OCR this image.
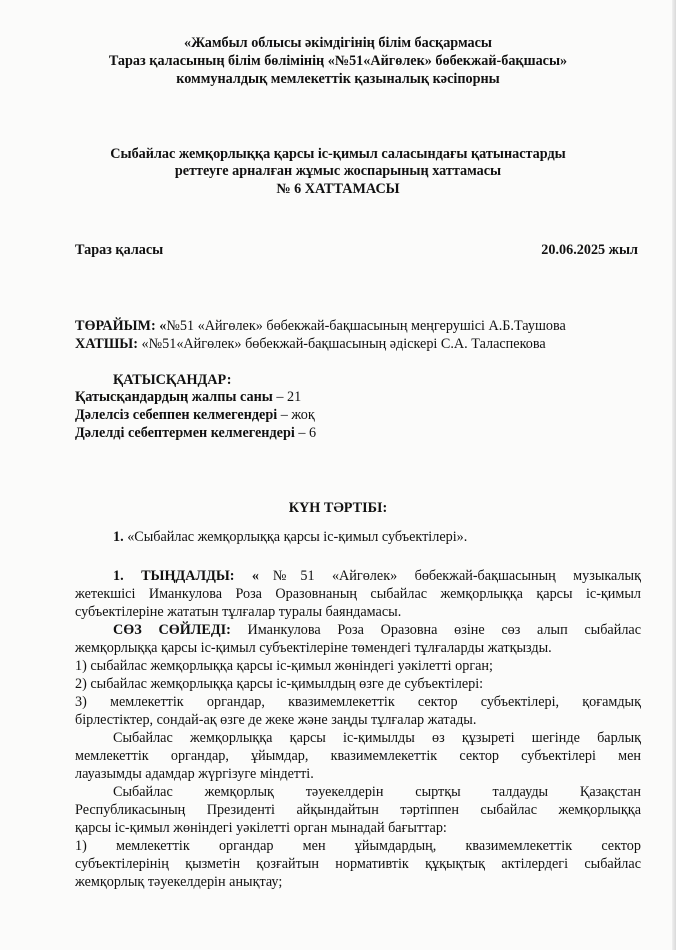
«Жамбыл облысы әкімдігінің білім басқармасы

Тараз қаласының білім бөлімінің «№51«Айгөлек» бөбекжай-бақшасы»

коммуналдық мемлекеттік қазыналық кәсіпорны

Сыбайлас жемқорлыққа қарсы іс-қимыл саласындағы қатынастарды

реттеуге арналған жұмыс жоспарының хаттамасы

№ 6 ХАТТАМАСЫ

Тараз қаласы	20.06.2025 жыл

ТӨРАЙЫМ: «№51 «Айгөлек» бөбекжай-бақшасының меңгерушісі А.Б.Таушова

ХАТШЫ: «№51«Айгөлек» бөбекжай-бақшасының әдіскері С.А. Таласпекова

ҚАТЫСҚАНДАР:

Қатысқандардың жалпы саны – 21

Дәлелсіз себеппен келмегендері – жоқ

Дәлелді себептермен келмегендері – 6

КҮН ТӘРТІБІ:

1. «Сыбайлас жемқорлыққа қарсы іс-қимыл субъектілері».

1. ТЫҢДАЛДЫ: «№51 «Айгөлек» бөбекжай-бақшасының музыкалық

жетекшісі Иманкулова Роза Оразовнаның сыбайлас жемқорлыққа қарсы іс-қимыл

субъектілеріне жататын тұлғалар туралы баяндамасы.

СӨЗ СӨЙЛЕДІ: Иманкулова Роза Оразовна өзіне сөз алып сыбайлас

жемқорлыққа қарсы іс-қимыл субъектілеріне төмендегі тұлғаларды жатқызды.

1) сыбайлас жемқорлыққа қарсы іс-қимыл жөніндегі уәкілетті орган;

2) сыбайлас жемқорлыққа қарсы іс-қимылдың өзге де субъектілері:

3) мемлекеттік органдар, квазимемлекеттік сектор субъектілері, қоғамдық

бірлестіктер, сондай-ақ өзге де жеке және заңды тұлғалар жатады.

Сыбайлас жемқорлыққа қарсы іс-қимылды өз құзыреті шегінде барлық

мемлекеттік органдар, ұйымдар, квазимемлекеттік сектор субъектілері мен

лауазымды адамдар жүргізуге міндетті.

Сыбайлас жемқорлық тәуекелдерін сыртқы талдауды Қазақстан

Республикасының Президенті айқындайтын тәртіппен сыбайлас жемқорлыққа

қарсы іс-қимыл жөніндегі уәкілетті орган мынадай бағыттар:

1) мемлекеттік органдар мен ұйымдардың, квазимемлекеттік сектор

субъектілерінің қызметін қозғайтын нормативтік құқықтық актілердегі сыбайлас

жемқорлық тәуекелдерін анықтау;
